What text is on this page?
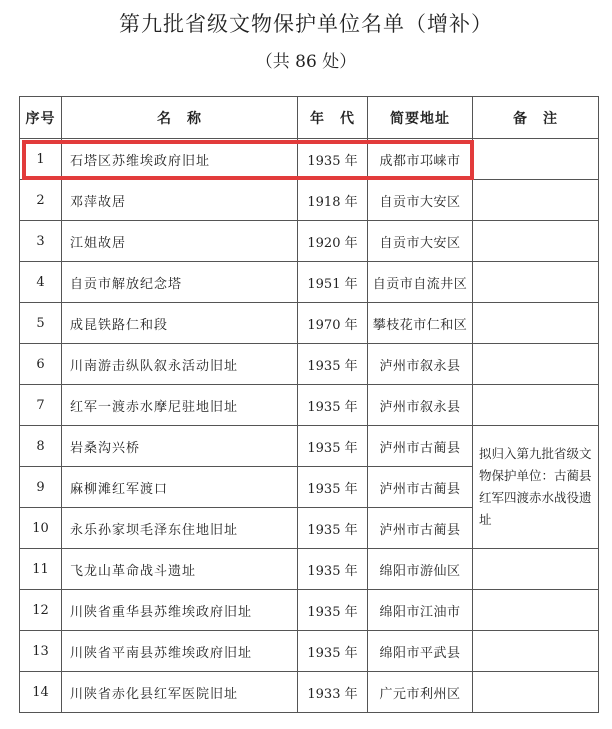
第九批省级文物保护单位名单（增补）
（共 86 处）
序号	名　称	年　代	简要地址	备　注
1	石塔区苏维埃政府旧址	1935 年	成都市邛崃市	
2	邓萍故居	1918 年	自贡市大安区	
3	江姐故居	1920 年	自贡市大安区	
4	自贡市解放纪念塔	1951 年	自贡市自流井区	
5	成昆铁路仁和段	1970 年	攀枝花市仁和区	
6	川南游击纵队叙永活动旧址	1935 年	泸州市叙永县	
7	红军一渡赤水摩尼驻地旧址	1935 年	泸州市叙永县	
8	岩桑沟兴桥	1935 年	泸州市古蔺县	拟归入第九批省级文物保护单位：古蔺县红军四渡赤水战役遗址
9	麻柳滩红军渡口	1935 年	泸州市古蔺县	
10	永乐孙家坝毛泽东住地旧址	1935 年	泸州市古蔺县	
11	飞龙山革命战斗遗址	1935 年	绵阳市游仙区	
12	川陕省重华县苏维埃政府旧址	1935 年	绵阳市江油市	
13	川陕省平南县苏维埃政府旧址	1935 年	绵阳市平武县	
14	川陕省赤化县红军医院旧址	1933 年	广元市利州区	
